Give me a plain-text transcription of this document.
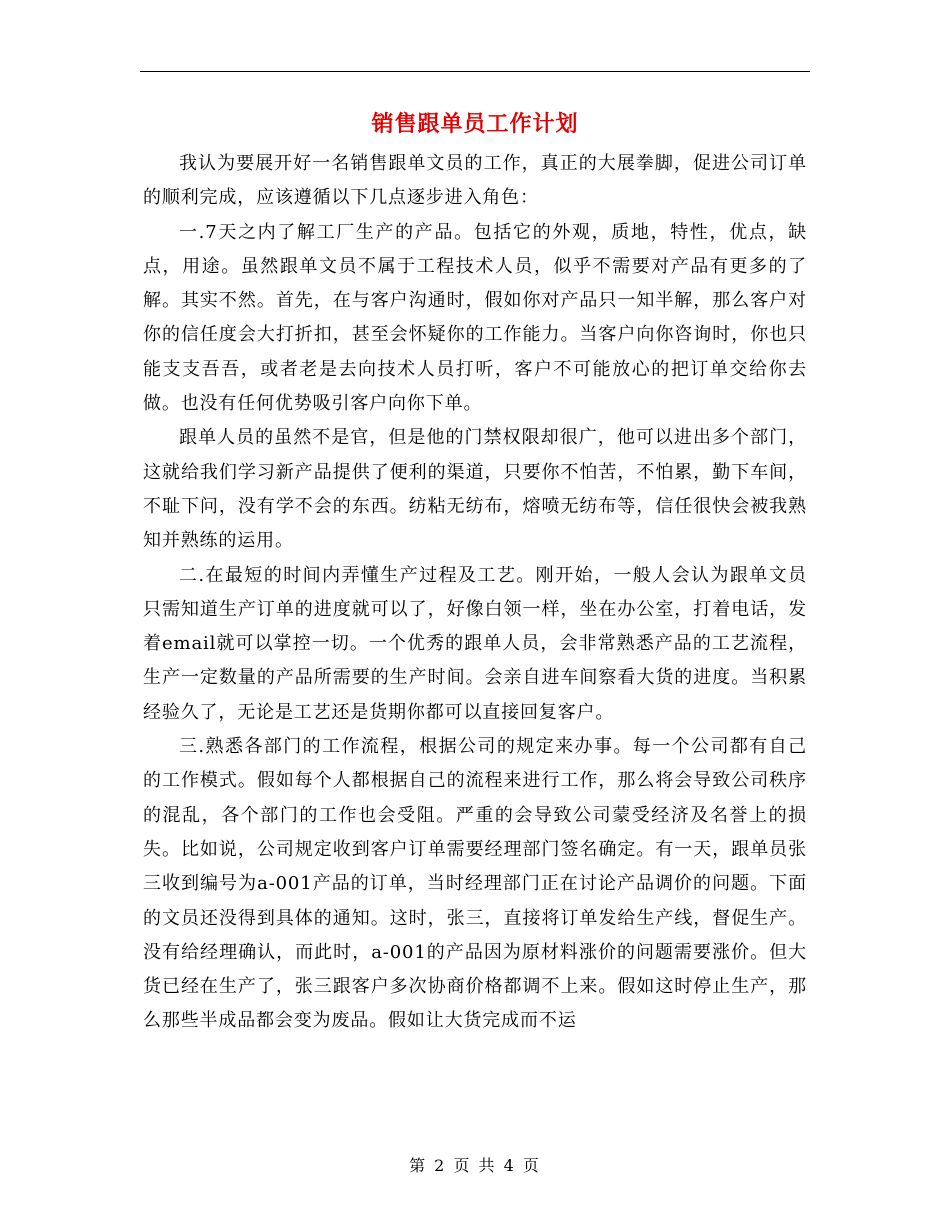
销售跟单员工作计划

我认为要展开好一名销售跟单文员的工作，真正的大展拳脚，促进公司订单的顺利完成，应该遵循以下几点逐步进入角色：

一.7天之内了解工厂生产的产品。包括它的外观，质地，特性，优点，缺点，用途。虽然跟单文员不属于工程技术人员，似乎不需要对产品有更多的了解。其实不然。首先，在与客户沟通时，假如你对产品只一知半解，那么客户对你的信任度会大打折扣，甚至会怀疑你的工作能力。当客户向你咨询时，你也只能支支吾吾，或者老是去向技术人员打听，客户不可能放心的把订单交给你去做。也没有任何优势吸引客户向你下单。

跟单人员的虽然不是官，但是他的门禁权限却很广，他可以进出多个部门，这就给我们学习新产品提供了便利的渠道，只要你不怕苦，不怕累，勤下车间，不耻下问，没有学不会的东西。纺粘无纺布，熔喷无纺布等，信任很快会被我熟知并熟练的运用。

二.在最短的时间内弄懂生产过程及工艺。刚开始，一般人会认为跟单文员只需知道生产订单的进度就可以了，好像白领一样，坐在办公室，打着电话，发着email就可以掌控一切。一个优秀的跟单人员，会非常熟悉产品的工艺流程，生产一定数量的产品所需要的生产时间。会亲自进车间察看大货的进度。当积累经验久了，无论是工艺还是货期你都可以直接回复客户。

三.熟悉各部门的工作流程，根据公司的规定来办事。每一个公司都有自己的工作模式。假如每个人都根据自己的流程来进行工作，那么将会导致公司秩序的混乱，各个部门的工作也会受阻。严重的会导致公司蒙受经济及名誉上的损失。比如说，公司规定收到客户订单需要经理部门签名确定。有一天，跟单员张三收到编号为a-001产品的订单，当时经理部门正在讨论产品调价的问题。下面的文员还没得到具体的通知。这时，张三，直接将订单发给生产线，督促生产。没有给经理确认，而此时，a-001的产品因为原材料涨价的问题需要涨价。但大货已经在生产了，张三跟客户多次协商价格都调不上来。假如这时停止生产，那么那些半成品都会变为废品。假如让大货完成而不运

第 2 页 共 4 页
